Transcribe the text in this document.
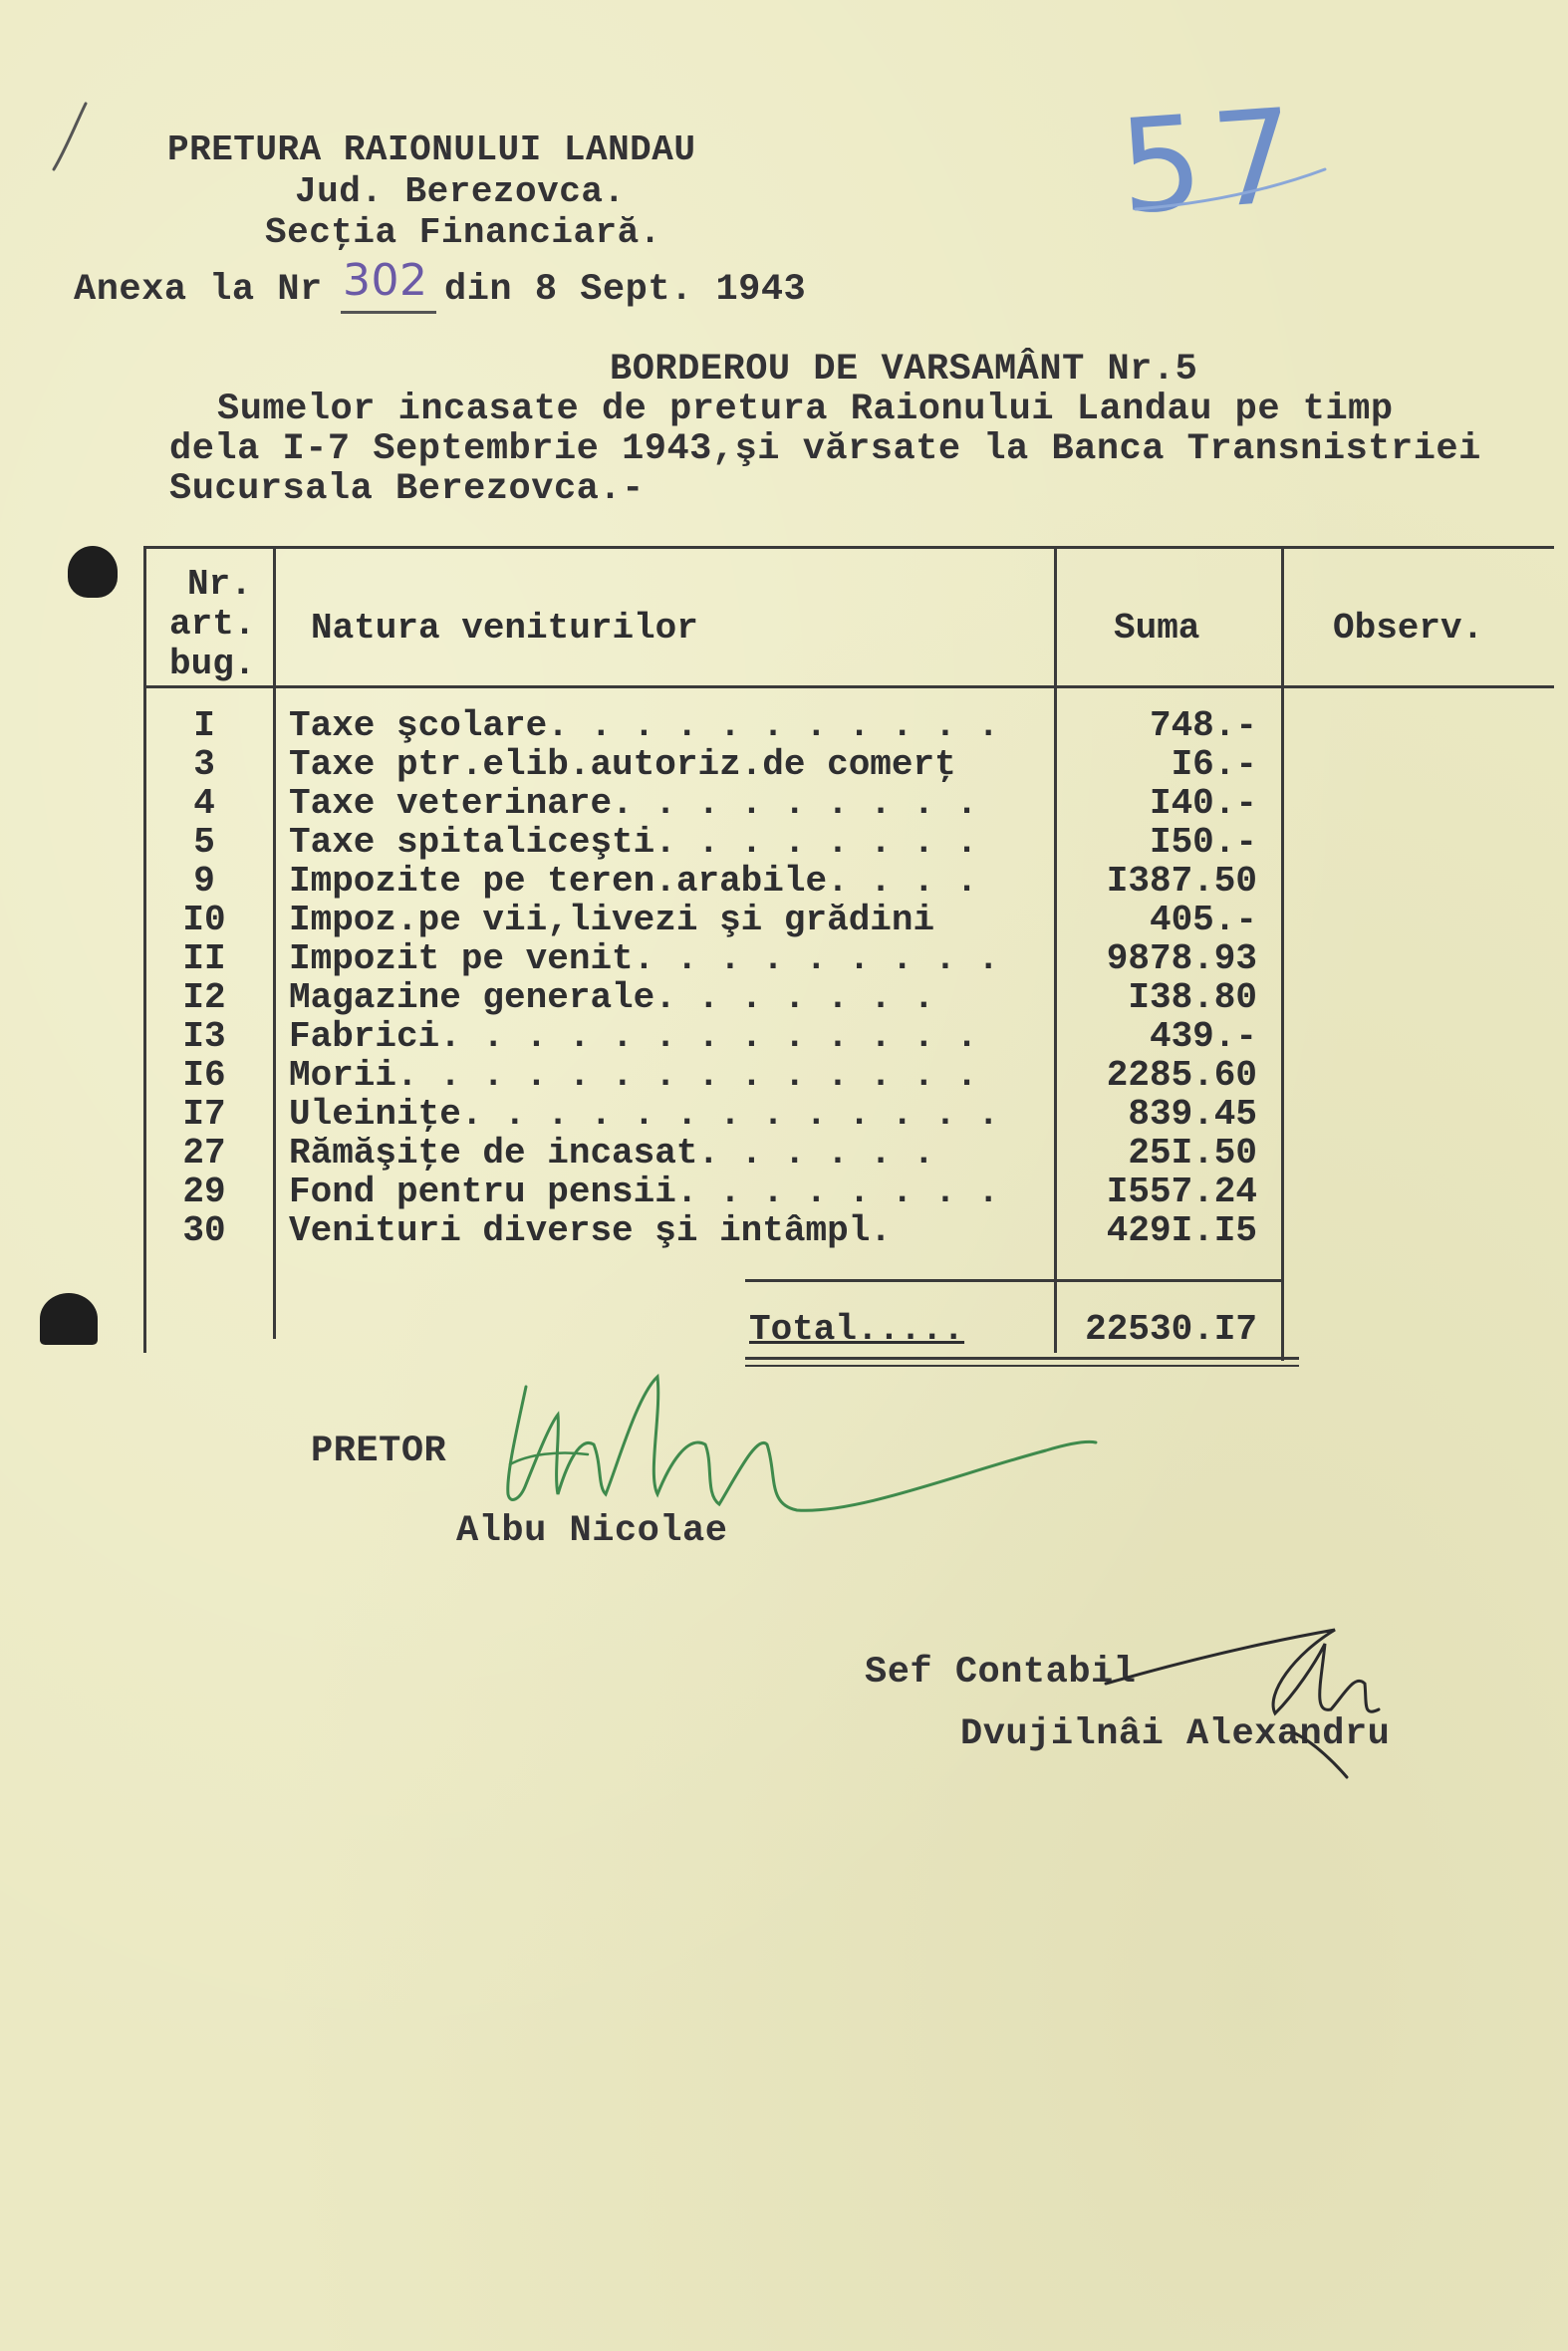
PRETURA RAIONULUI LANDAU
Jud. Berezovca.
Secţia Financiară.
Anexa la Nr 302 din 8 Sept. 1943
57
BORDEROU DE VARSAMÂNT Nr.5
Sumelor incasate de pretura Raionului Landau pe timp
dela I-7 Septembrie 1943,şi vărsate la Banca Transnistriei
Sucursala Berezovca.-
Nr.
art.
bug.
Natura veniturilor	Suma	Observ.
I	Taxe şcolare. . . . . . . . . . .	748.-
3	Taxe ptr.elib.autoriz.de comerţ	I6.-
4	Taxe veterinare. . . . . . . . .	I40.-
5	Taxe spitaliceşti. . . . . . . .	I50.-
9	Impozite pe teren.arabile. . . .	I387.50
I0	Impoz.pe vii,livezi şi grădini	405.-
II	Impozit pe venit. . . . . . . . .	9878.93
I2	Magazine generale. . . . . . .	I38.80
I3	Fabrici. . . . . . . . . . . . .	439.-
I6	Morii. . . . . . . . . . . . . .	2285.60
I7	Uleiniţe. . . . . . . . . . . . .	839.45
27	Rămăşiţe de incasat. . . . . .	25I.50
29	Fond pentru pensii. . . . . . . .	I557.24
30	Venituri diverse şi intâmpl.	429I.I5
Total.....	22530.I7
PRETOR
Albu Nicolae
Sef Contabil
Dvujilnâi Alexandru
